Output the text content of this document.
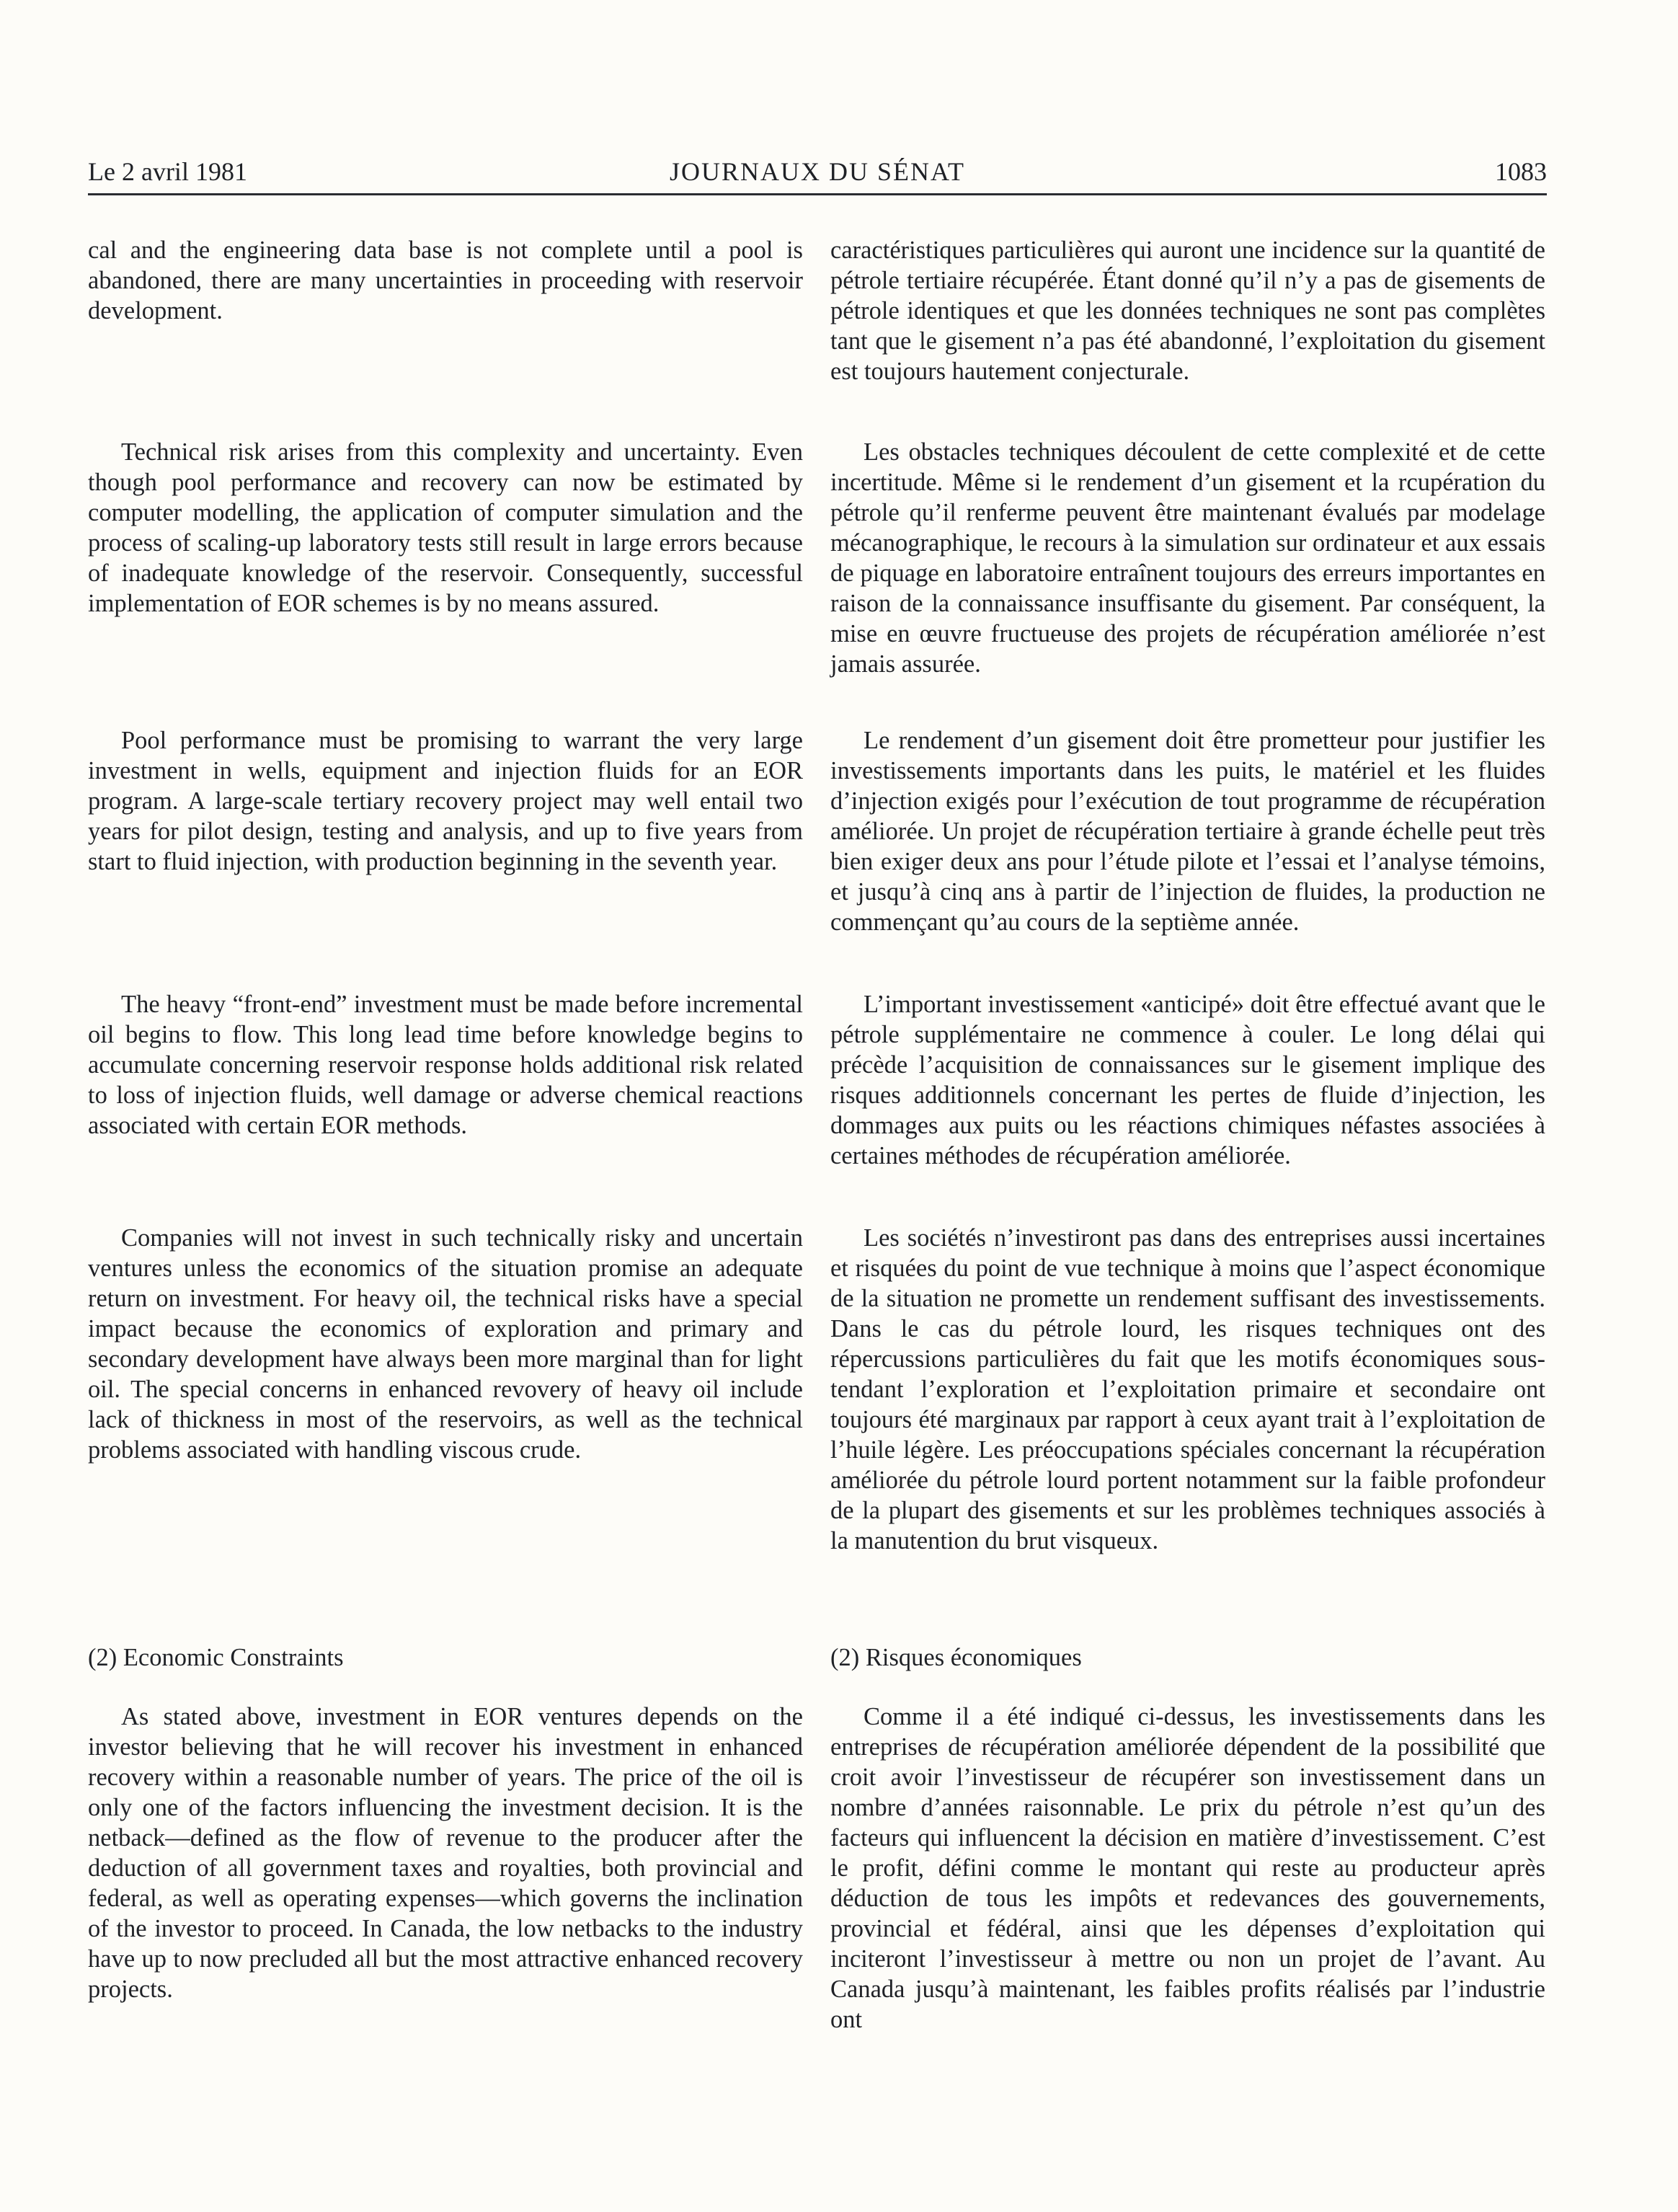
JOURNAUX DU SÉNAT
Le 2 avril 1981	1083

cal and the engineering data base is not complete until a pool is abandoned, there are many uncertainties in proceeding with reservoir development.

Technical risk arises from this complexity and uncertainty. Even though pool performance and recovery can now be estimated by computer modelling, the application of computer simulation and the process of scaling-up laboratory tests still result in large errors because of inadequate knowledge of the reservoir. Consequently, successful implementation of EOR schemes is by no means assured.

Pool performance must be promising to warrant the very large investment in wells, equipment and injection fluids for an EOR program. A large-scale tertiary recovery project may well entail two years for pilot design, testing and analysis, and up to five years from start to fluid injection, with production beginning in the seventh year.

The heavy “front-end” investment must be made before incremental oil begins to flow. This long lead time before knowledge begins to accumulate concerning reservoir response holds additional risk related to loss of injection fluids, well damage or adverse chemical reactions associated with certain EOR methods.

Companies will not invest in such technically risky and uncertain ventures unless the economics of the situation promise an adequate return on investment. For heavy oil, the technical risks have a special impact because the economics of exploration and primary and secondary development have always been more marginal than for light oil. The special concerns in enhanced revovery of heavy oil include lack of thickness in most of the reservoirs, as well as the technical problems associated with handling viscous crude.

(2) Economic Constraints

As stated above, investment in EOR ventures depends on the investor believing that he will recover his investment in enhanced recovery within a reasonable number of years. The price of the oil is only one of the factors influencing the investment decision. It is the netback—defined as the flow of revenue to the producer after the deduction of all government taxes and royalties, both provincial and federal, as well as operating expenses—which governs the inclination of the investor to proceed. In Canada, the low netbacks to the industry have up to now precluded all but the most attractive enhanced recovery projects.

caractéristiques particulières qui auront une incidence sur la quantité de pétrole tertiaire récupérée. Étant donné qu’il n’y a pas de gisements de pétrole identiques et que les données techniques ne sont pas complètes tant que le gisement n’a pas été abandonné, l’exploitation du gisement est toujours hautement conjecturale.

Les obstacles techniques découlent de cette complexité et de cette incertitude. Même si le rendement d’un gisement et la rcupération du pétrole qu’il renferme peuvent être maintenant évalués par modelage mécanographique, le recours à la simulation sur ordinateur et aux essais de piquage en laboratoire entraînent toujours des erreurs importantes en raison de la connaissance insuffisante du gisement. Par conséquent, la mise en œuvre fructueuse des projets de récupération améliorée n’est jamais assurée.

Le rendement d’un gisement doit être prometteur pour justifier les investissements importants dans les puits, le matériel et les fluides d’injection exigés pour l’exécution de tout programme de récupération améliorée. Un projet de récupération tertiaire à grande échelle peut très bien exiger deux ans pour l’étude pilote et l’essai et l’analyse témoins, et jusqu’à cinq ans à partir de l’injection de fluides, la production ne commençant qu’au cours de la septième année.

L’important investissement «anticipé» doit être effectué avant que le pétrole supplémentaire ne commence à couler. Le long délai qui précède l’acquisition de connaissances sur le gisement implique des risques additionnels concernant les pertes de fluide d’injection, les dommages aux puits ou les réactions chimiques néfastes associées à certaines méthodes de récupération améliorée.

Les sociétés n’investiront pas dans des entreprises aussi incertaines et risquées du point de vue technique à moins que l’aspect économique de la situation ne promette un rendement suffisant des investissements. Dans le cas du pétrole lourd, les risques techniques ont des répercussions particulières du fait que les motifs économiques sous-tendant l’exploration et l’exploitation primaire et secondaire ont toujours été marginaux par rapport à ceux ayant trait à l’exploitation de l’huile légère. Les préoccupations spéciales concernant la récupération améliorée du pétrole lourd portent notamment sur la faible profondeur de la plupart des gisements et sur les problèmes techniques associés à la manutention du brut visqueux.

(2) Risques économiques

Comme il a été indiqué ci-dessus, les investissements dans les entreprises de récupération améliorée dépendent de la possibilité que croit avoir l’investisseur de récupérer son investissement dans un nombre d’années raisonnable. Le prix du pétrole n’est qu’un des facteurs qui influencent la décision en matière d’investissement. C’est le profit, défini comme le montant qui reste au producteur après déduction de tous les impôts et redevances des gouvernements, provincial et fédéral, ainsi que les dépenses d’exploitation qui inciteront l’investisseur à mettre ou non un projet de l’avant. Au Canada jusqu’à maintenant, les faibles profits réalisés par l’industrie ont
